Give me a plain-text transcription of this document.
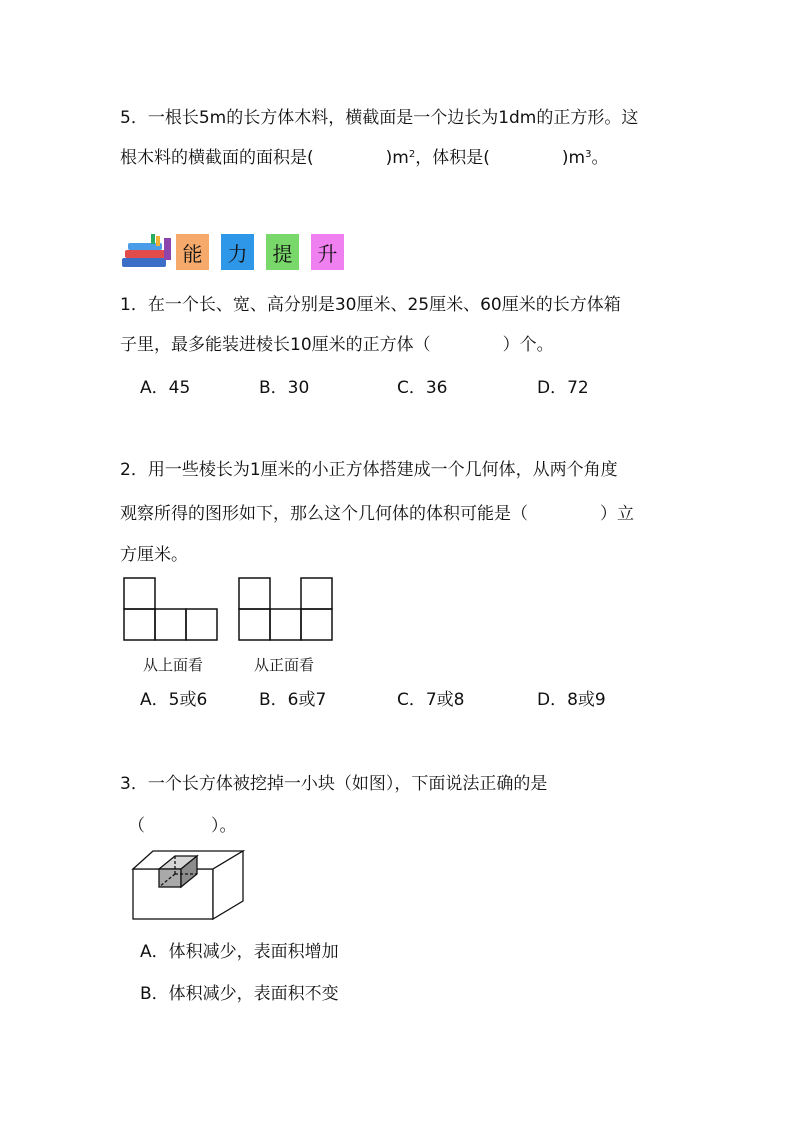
5．一根长5m的长方体木料，横截面是一个边长为1dm的正方形。这
根木料的横截面的面积是(	)$m^2$，体积是(	)$m^3$。
能 力 提 升
1．在一个长、宽、高分别是30厘米、25厘米、60厘米的长方体箱
子里，最多能装进棱长10厘米的正方体（	）个。
A．45	B．30	C．36	D．72
2．用一些棱长为1厘米的小正方体搭建成一个几何体，从两个角度
观察所得的图形如下，那么这个几何体的体积可能是（	）立
方厘米。
从上面看	从正面看
A．5或6	B．6或7	C．7或8	D．8或9
3．一个长方体被挖掉一小块（如图），下面说法正确的是
（	）。
A．体积减少，表面积增加
B．体积减少，表面积不变
